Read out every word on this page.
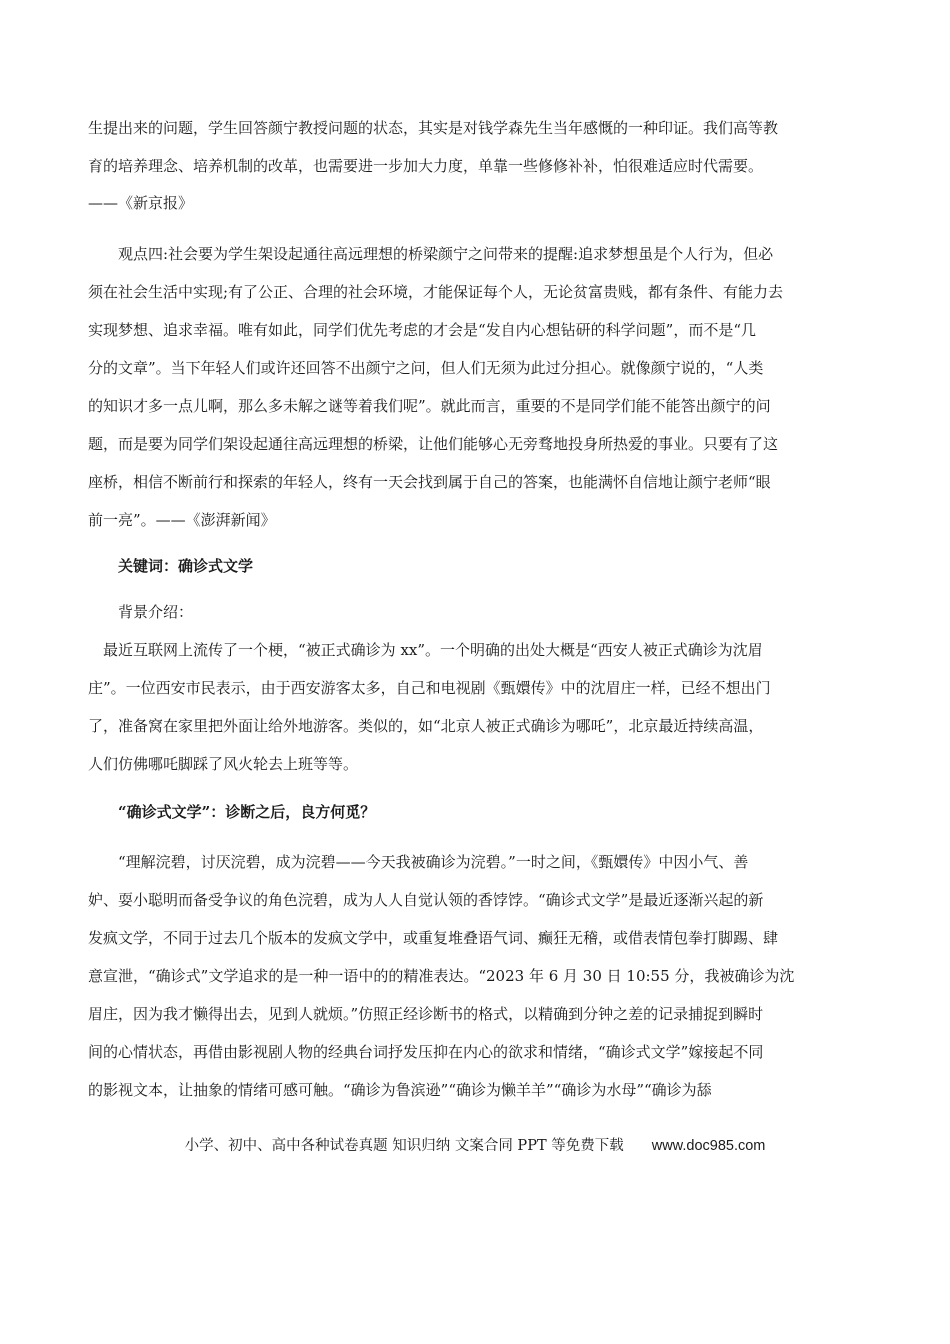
生提出来的问题，学生回答颜宁教授问题的状态，其实是对钱学森先生当年感慨的一种印证。我们高等教
育的培养理念、培养机制的改革，也需要进一步加大力度，单靠一些修修补补，怕很难适应时代需要。
——《新京报》
观点四:社会要为学生架设起通往高远理想的桥梁颜宁之问带来的提醒:追求梦想虽是个人行为，但必
须在社会生活中实现;有了公正、合理的社会环境，才能保证每个人，无论贫富贵贱，都有条件、有能力去
实现梦想、追求幸福。唯有如此，同学们优先考虑的才会是“发自内心想钻研的科学问题”，而不是“几
分的文章”。当下年轻人们或许还回答不出颜宁之问，但人们无须为此过分担心。就像颜宁说的，“人类
的知识才多一点儿啊，那么多未解之谜等着我们呢”。就此而言，重要的不是同学们能不能答出颜宁的问
题，而是要为同学们架设起通往高远理想的桥梁，让他们能够心无旁骛地投身所热爱的事业。只要有了这
座桥，相信不断前行和探索的年轻人，终有一天会找到属于自己的答案，也能满怀自信地让颜宁老师“眼
前一亮”。——《澎湃新闻》
关键词：确诊式文学
背景介绍：
最近互联网上流传了一个梗，“被正式确诊为 xx”。一个明确的出处大概是“西安人被正式确诊为沈眉
庄”。一位西安市民表示，由于西安游客太多，自己和电视剧《甄嬛传》中的沈眉庄一样，已经不想出门
了，准备窝在家里把外面让给外地游客。类似的，如“北京人被正式确诊为哪吒”，北京最近持续高温，
人们仿佛哪吒脚踩了风火轮去上班等等。
“确诊式文学”：诊断之后，良方何觅？
“理解浣碧，讨厌浣碧，成为浣碧——今天我被确诊为浣碧。”一时之间，《甄嬛传》中因小气、善
妒、耍小聪明而备受争议的角色浣碧，成为人人自觉认领的香饽饽。“确诊式文学”是最近逐渐兴起的新
发疯文学，不同于过去几个版本的发疯文学中，或重复堆叠语气词、癫狂无稽，或借表情包拳打脚踢、肆
意宣泄，“确诊式”文学追求的是一种一语中的的精准表达。“2023 年 6 月 30 日 10:55 分，我被确诊为沈
眉庄，因为我才懒得出去，见到人就烦。”仿照正经诊断书的格式，以精确到分钟之差的记录捕捉到瞬时
间的心情状态，再借由影视剧人物的经典台词抒发压抑在内心的欲求和情绪，“确诊式文学”嫁接起不同
的影视文本，让抽象的情绪可感可触。“确诊为鲁滨逊”“确诊为懒羊羊”“确诊为水母”“确诊为舔
小学、初中、高中各种试卷真题 知识归纳 文案合同 PPT 等免费下载 www.doc985.com
